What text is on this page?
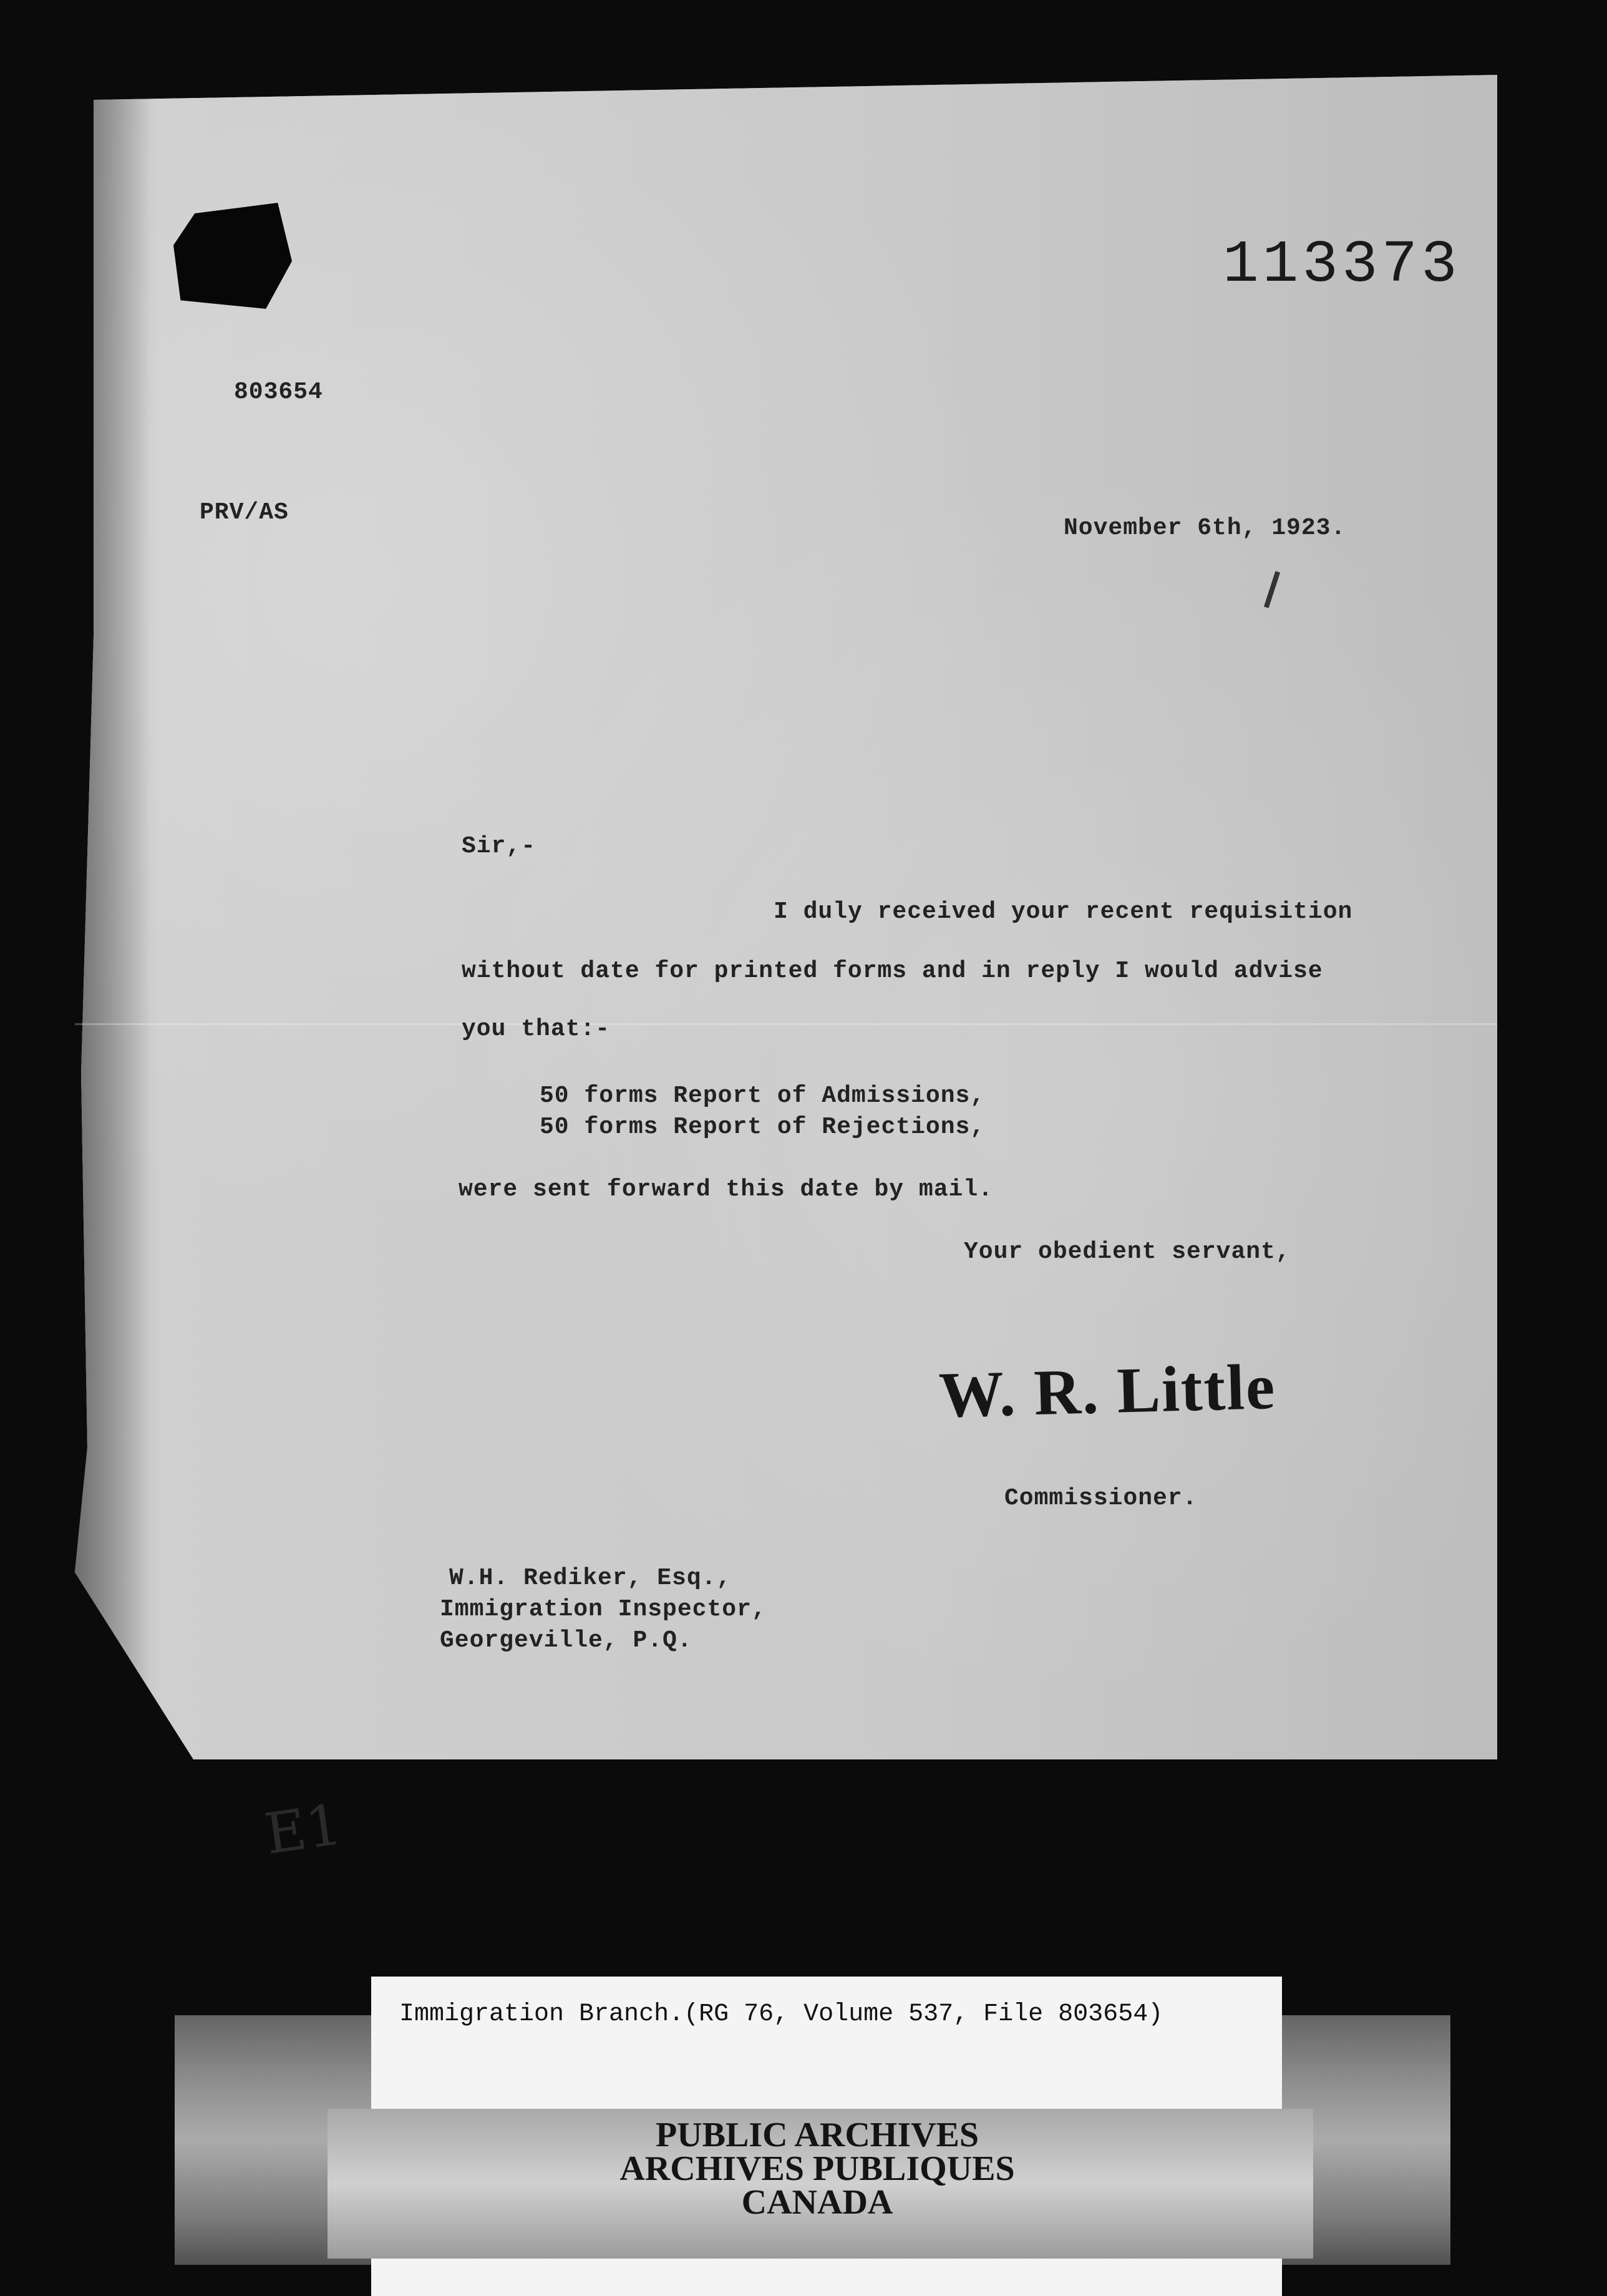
113373
803654
PRV/AS
November 6th, 1923.
Sir,-
I duly received your recent requisition
without date for printed forms and in reply I would advise
you that:-
50 forms Report of Admissions,
50 forms Report of Rejections,
were sent forward this date by mail.
Your obedient servant,
W. R. Little
Commissioner.
W.H. Rediker, Esq.,
Immigration Inspector,
Georgeville, P.Q.
E1
Immigration Branch.(RG 76, Volume 537, File 803654)
PUBLIC ARCHIVES
ARCHIVES PUBLIQUES
CANADA
